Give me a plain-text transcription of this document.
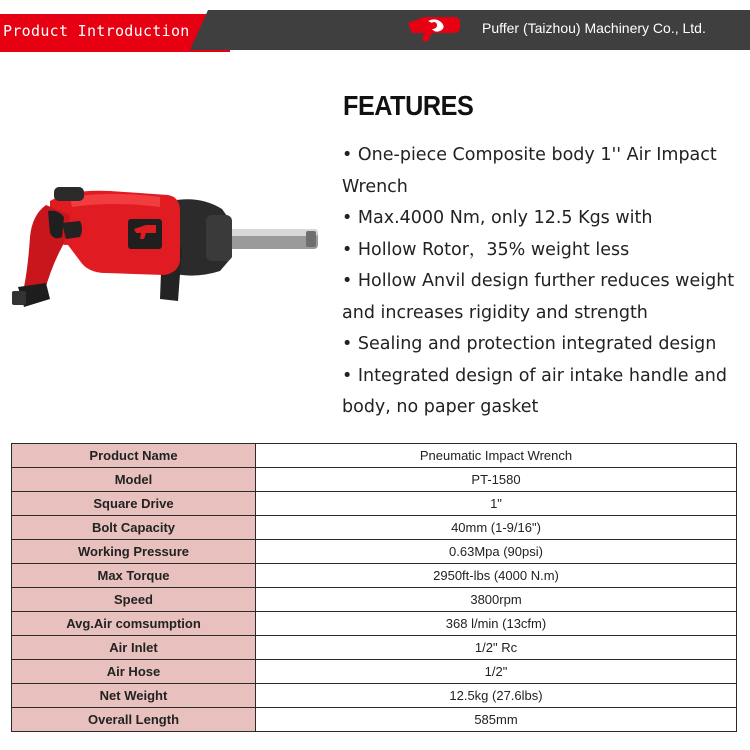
Product Introduction	Puffer (Taizhou) Machinery Co., Ltd.
FEATURES
• One-piece Composite body 1'' Air Impact Wrench
• Max.4000 Nm, only 12.5 Kgs with
• Hollow Rotor，35% weight less
• Hollow Anvil design further reduces weight and increases rigidity and strength
• Sealing and protection integrated design
• Integrated design of air intake handle and body, no paper gasket
Product Name	Pneumatic Impact Wrench
Model	PT-1580
Square Drive	1"
Bolt Capacity	40mm (1-9/16")
Working Pressure	0.63Mpa (90psi)
Max Torque	2950ft-lbs (4000 N.m)
Speed	3800rpm
Avg.Air comsumption	368 l/min (13cfm)
Air Inlet	1/2" Rc
Air Hose	1/2"
Net Weight	12.5kg (27.6lbs)
Overall Length	585mm
